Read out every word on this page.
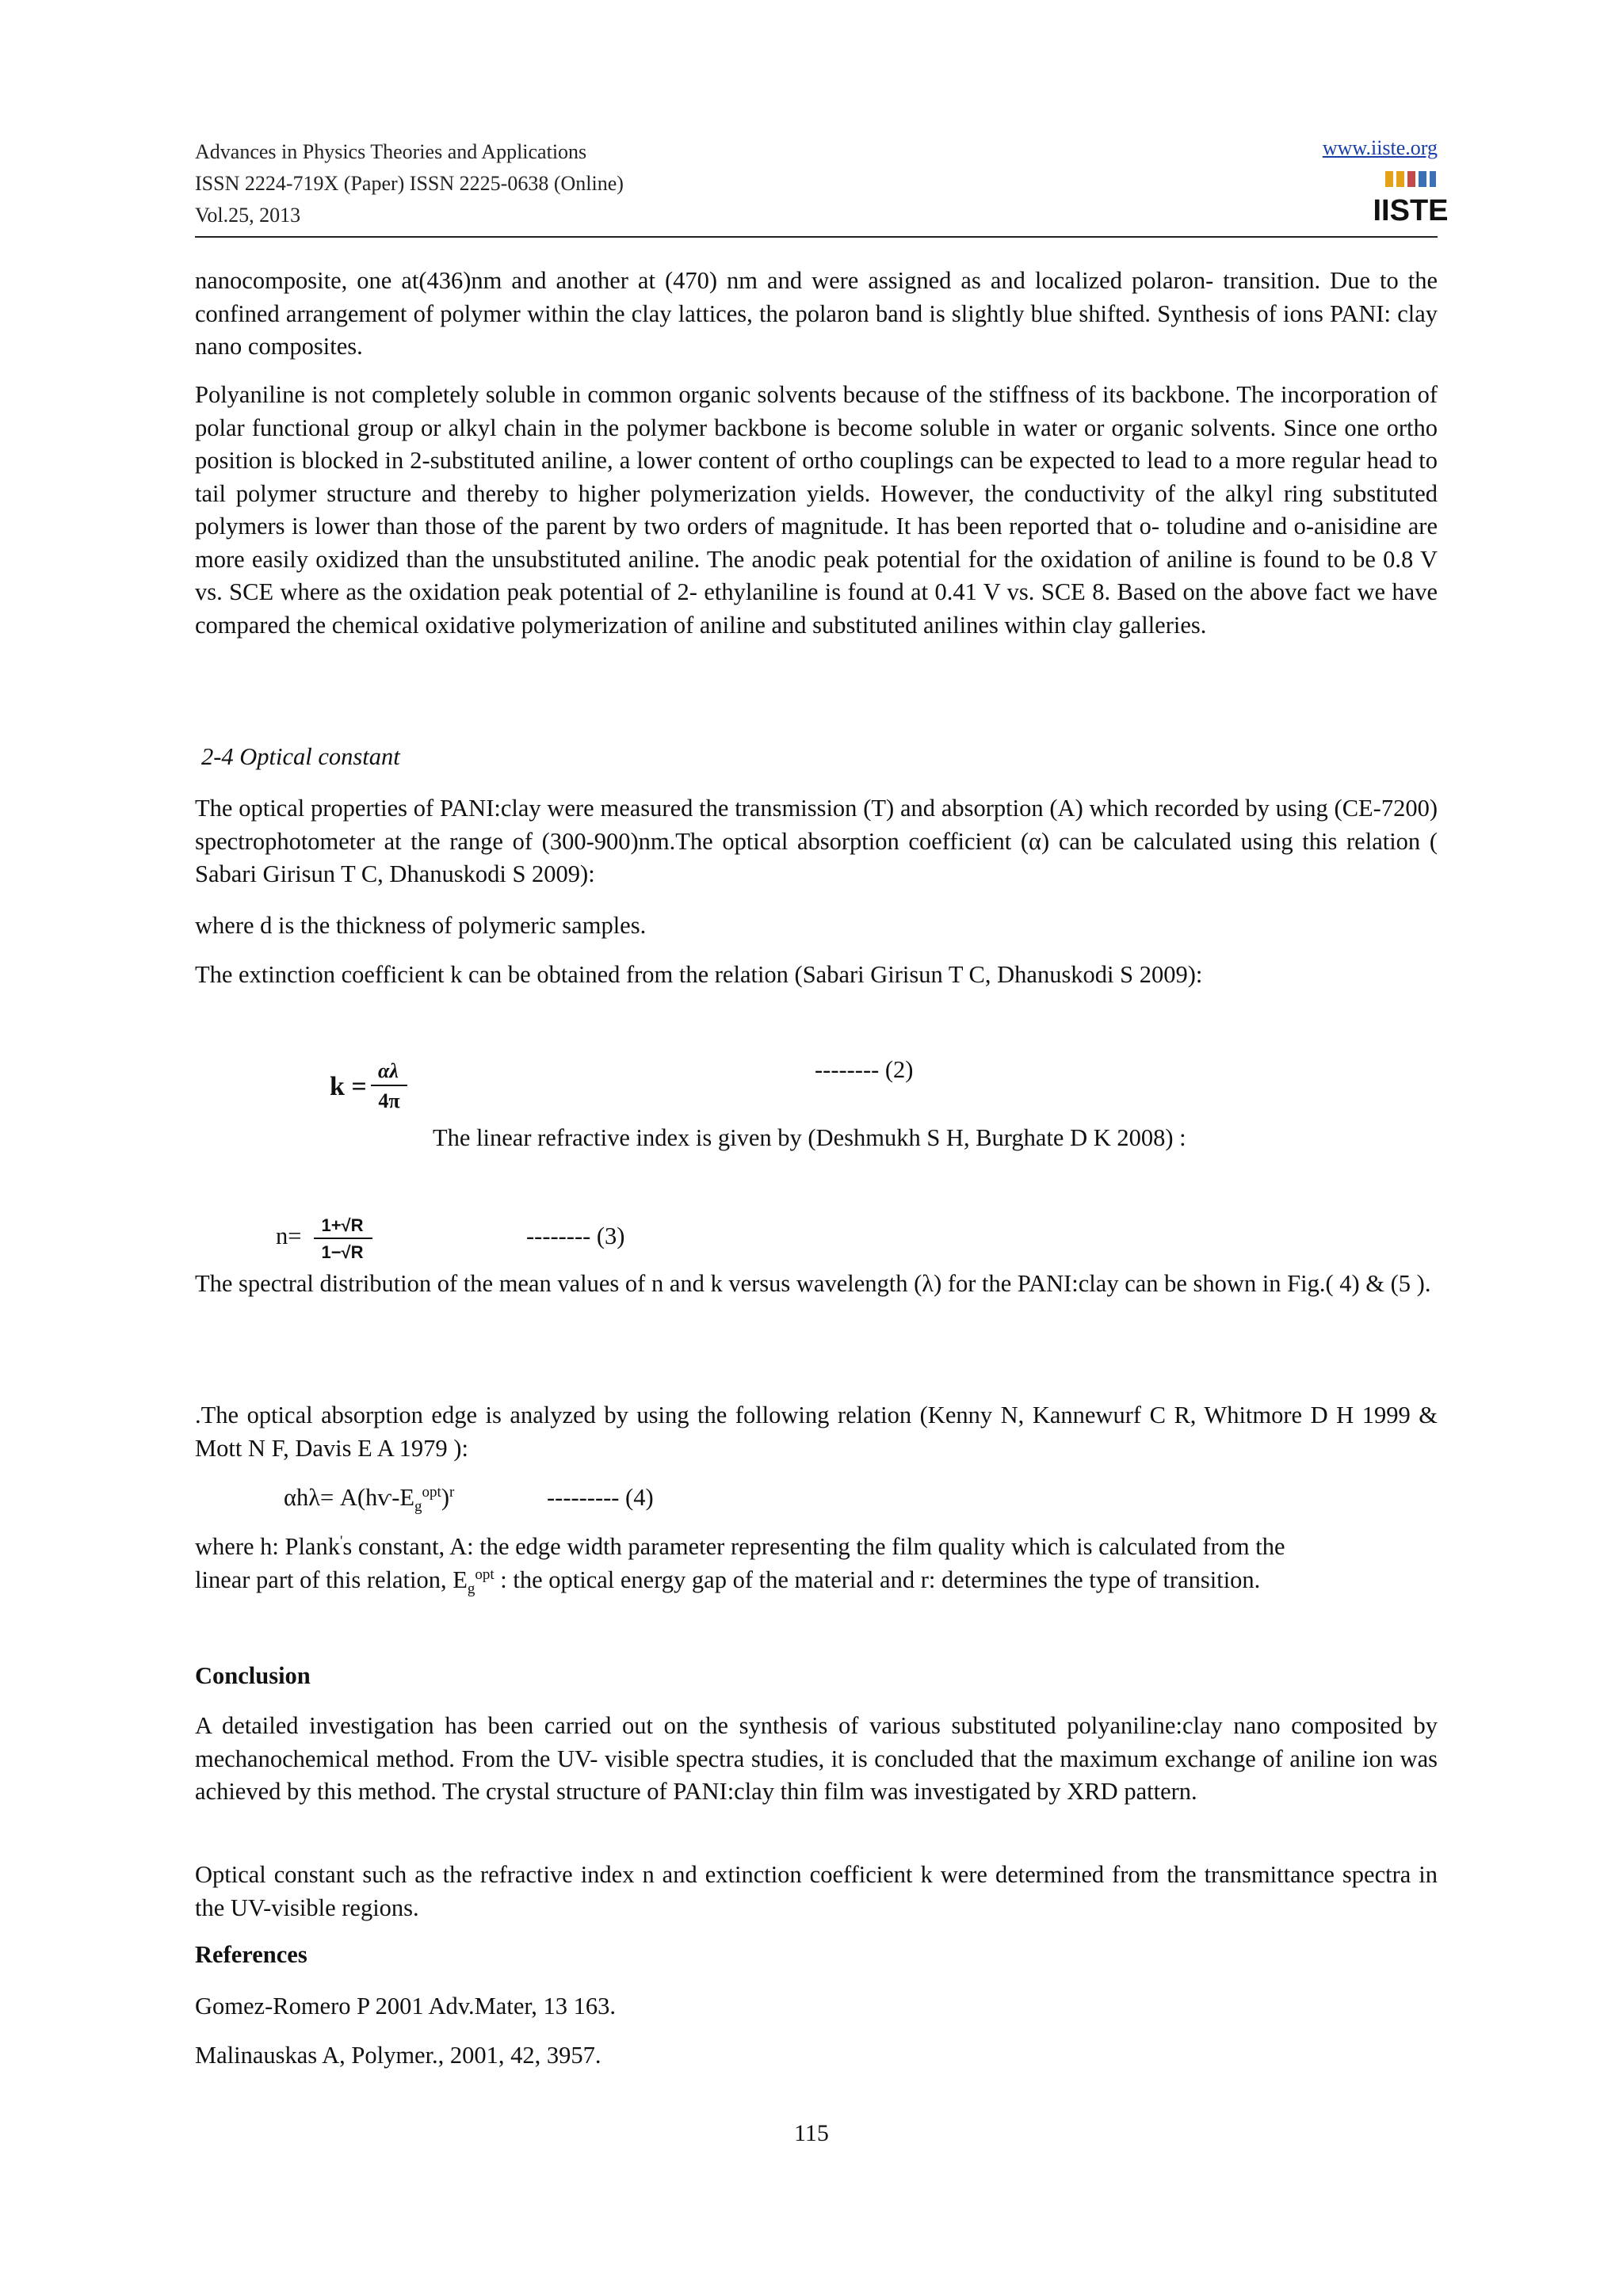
Advances in Physics Theories and Applications
ISSN 2224-719X (Paper) ISSN 2225-0638 (Online)
Vol.25, 2013
www.iiste.org
IISTE

nanocomposite, one at(436)nm and another at (470) nm and were assigned as and localized polaron- transition. Due to the confined arrangement of polymer within the clay lattices, the polaron band is slightly blue shifted. Synthesis of ions PANI: clay nano composites.

Polyaniline is not completely soluble in common organic solvents because of the stiffness of its backbone. The incorporation of polar functional group or alkyl chain in the polymer backbone is become soluble in water or organic solvents. Since one ortho position is blocked in 2-substituted aniline, a lower content of ortho couplings can be expected to lead to a more regular head to tail polymer structure and thereby to higher polymerization yields. However, the conductivity of the alkyl ring substituted polymers is lower than those of the parent by two orders of magnitude. It has been reported that o- toludine and o-anisidine are more easily oxidized than the unsubstituted aniline. The anodic peak potential for the oxidation of aniline is found to be 0.8 V vs. SCE where as the oxidation peak potential of 2- ethylaniline is found at 0.41 V vs. SCE 8. Based on the above fact we have compared the chemical oxidative polymerization of aniline and substituted anilines within clay galleries.

2-4 Optical constant

The optical properties of PANI:clay were measured the transmission (T) and absorption (A) which recorded by using (CE-7200) spectrophotometer at the range of (300-900)nm.The optical absorption coefficient (α) can be calculated using this relation ( Sabari Girisun T C, Dhanuskodi S 2009):

where d is the thickness of polymeric samples.
The extinction coefficient k can be obtained from the relation (Sabari Girisun T C, Dhanuskodi S 2009):
k =
αλ
4π
-------- (2)
The linear refractive index is given by (Deshmukh S H, Burghate D K 2008) :
n= 1+√R
1−√R
-------- (3)

The spectral distribution of the mean values of n and k versus wavelength (λ) for the PANI:clay can be shown in Fig.( 4) & (5 ).

.The optical absorption edge is analyzed by using the following relation (Kenny N, Kannewurf C R, Whitmore D H 1999 & Mott N F, Davis E A 1979 ):

$\alpha h\lambda= A(hѵ-E_g^{opt})^r$	--------- (4)
where h: Plank's constant, A: the edge width parameter representing the film quality which is calculated from the
linear part of this relation, $E_g^{opt}$ : the optical energy gap of the material and r: determines the type of transition.
Conclusion

A detailed investigation has been carried out on the synthesis of various substituted polyaniline:clay nano composited by mechanochemical method. From the UV- visible spectra studies, it is concluded that the maximum exchange of aniline ion was achieved by this method. The crystal structure of PANI:clay thin film was investigated by XRD pattern.

Optical constant such as the refractive index n and extinction coefficient k were determined from the transmittance spectra in the UV-visible regions.

References
Gomez-Romero P 2001 Adv.Mater, 13 163.
Malinauskas A, Polymer., 2001, 42, 3957.
115
